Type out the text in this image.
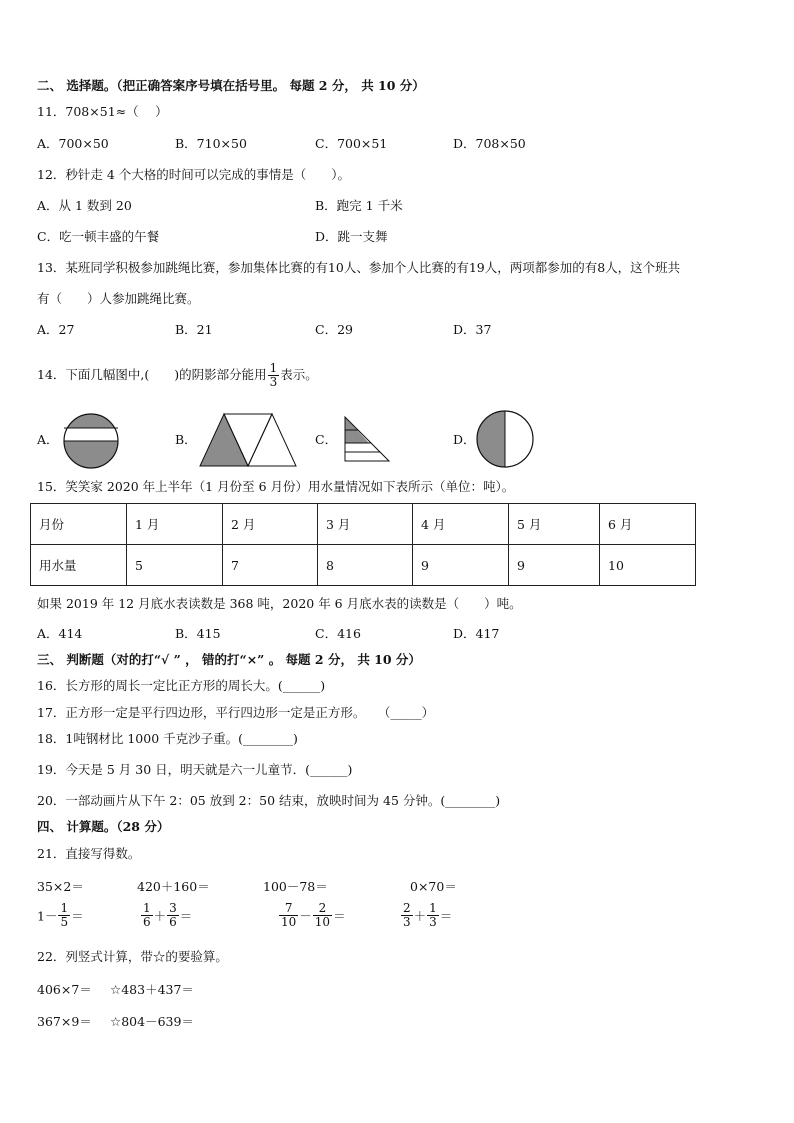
二、 选择题。（把正确答案序号填在括号里。 每题 2 分， 共 10 分）
11．708×51≈（　 ）
A．700×50	B．710×50	C．700×51	D．708×50
12．秒针走 4 个大格的时间可以完成的事情是（　　）。
A．从 1 数到 20	B．跑完 1 千米
C．吃一顿丰盛的午餐	D．跳一支舞
13．某班同学积极参加跳绳比赛，参加集体比赛的有10人、参加个人比赛的有19人，两项都参加的有8人，这个班共
有（　　）人参加跳绳比赛。
A．27	B．21	C．29	D．37
14．下面几幅图中,(　　)的阴影部分能用 $\frac{1}{3}$ 表示。
A．	B．	C．	D．
15．笑笑家 2020 年上半年（1 月份至 6 月份）用水量情况如下表所示（单位：吨）。
月份	1 月	2 月	3 月	4 月	5 月	6 月
用水量	5	7	8	9	9	10
如果 2019 年 12 月底水表读数是 368 吨，2020 年 6 月底水表的读数是（　　）吨。
A．414	B．415	C．416	D．417
三、 判断题（对的打“√ ” ， 错的打“×” 。 每题 2 分， 共 10 分）
16．长方形的周长一定比正方形的周长大。(______)
17．正方形一定是平行四边形，平行四边形一定是正方形。　　（_____）
18．1吨钢材比 1000 千克沙子重。(________)
19．今天是 5 月 30 日，明天就是六一儿童节．(______)
20．一部动画片从下午 2：05 放到 2：50 结束，放映时间为 45 分钟。(________)
四、 计算题。（28 分）
21．直接写得数。
35×2＝	420＋160＝	100－78＝	0×70＝
$1- \frac{1}{5}$ ＝	$\frac{1}{6} + \frac{3}{6}$ ＝	$\frac{7}{10} - \frac{2}{10}$ ＝	$\frac{2}{3} + \frac{1}{3}$ ＝
22．列竖式计算，带☆的要验算。
406×7＝ ☆483＋437＝
367×9＝ ☆804－639＝
